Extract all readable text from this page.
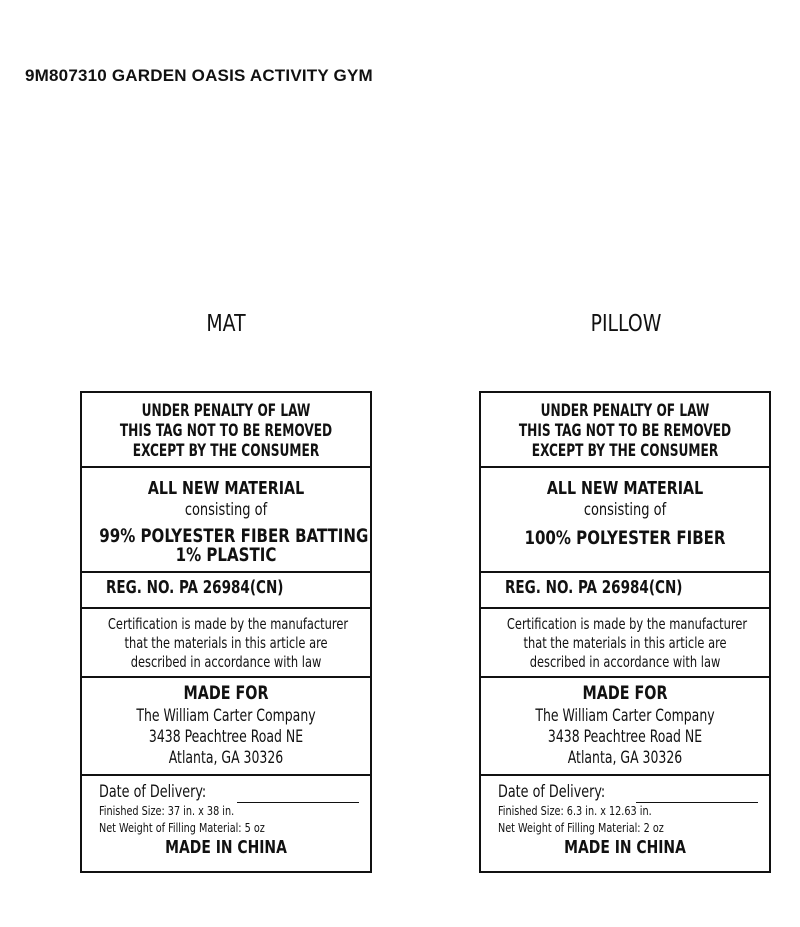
9M807310 GARDEN OASIS ACTIVITY GYM
MAT
UNDER PENALTY OF LAW
THIS TAG NOT TO BE REMOVED
EXCEPT BY THE CONSUMER
ALL NEW MATERIAL
consisting of
99% POLYESTER FIBER BATTING
1% PLASTIC
REG. NO. PA 26984(CN)
Certification is made by the manufacturer
that the materials in this article are
described in accordance with law
MADE FOR
The William Carter Company
3438 Peachtree Road NE
Atlanta, GA 30326
Date of Delivery:
Finished Size: 37 in. x 38 in.
Net Weight of Filling Material: 5 oz
MADE IN CHINA
PILLOW
UNDER PENALTY OF LAW
THIS TAG NOT TO BE REMOVED
EXCEPT BY THE CONSUMER
ALL NEW MATERIAL
consisting of
100% POLYESTER FIBER
REG. NO. PA 26984(CN)
Certification is made by the manufacturer
that the materials in this article are
described in accordance with law
MADE FOR
The William Carter Company
3438 Peachtree Road NE
Atlanta, GA 30326
Date of Delivery:
Finished Size: 6.3 in. x 12.63 in.
Net Weight of Filling Material: 2 oz
MADE IN CHINA
